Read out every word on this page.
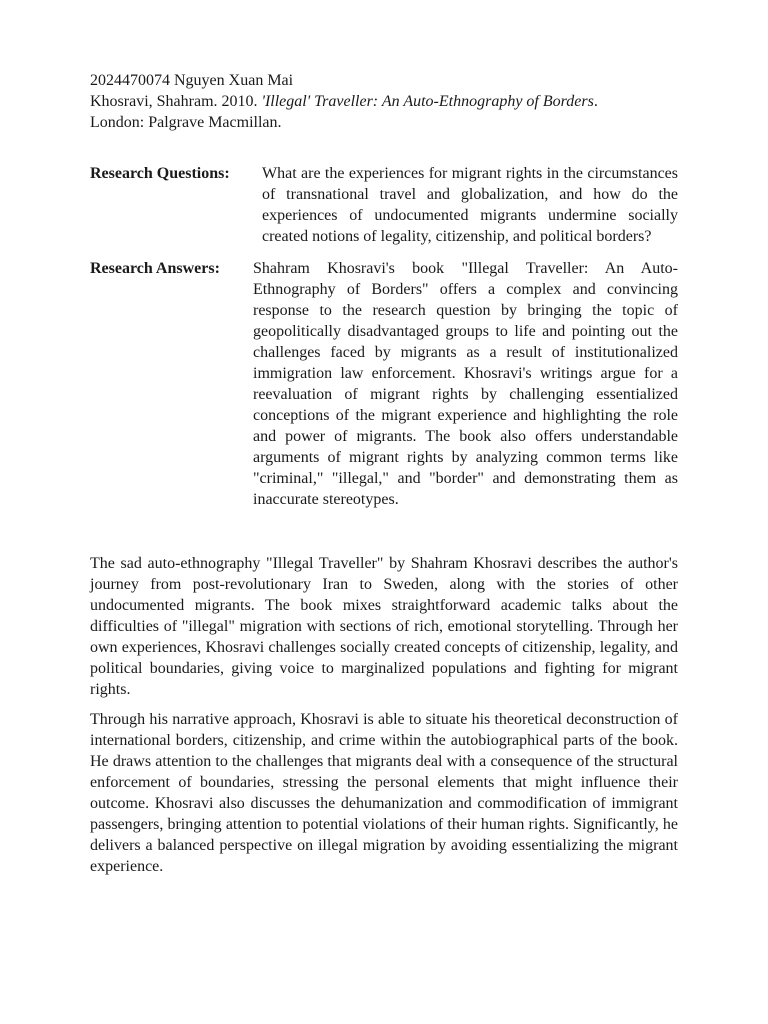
2024470074 Nguyen Xuan Mai

Khosravi, Shahram. 2010. 'Illegal' Traveller: An Auto-Ethnography of Borders.

London: Palgrave Macmillan.

Research Questions:	What are the experiences for migrant rights in the circumstances of transnational travel and globalization, and how do the experiences of undocumented migrants undermine socially created notions of legality, citizenship, and political borders?
Research Answers:	Shahram Khosravi's book "Illegal Traveller: An Auto-Ethnography of Borders" offers a complex and convincing response to the research question by bringing the topic of geopolitically disadvantaged groups to life and pointing out the challenges faced by migrants as a result of institutionalized immigration law enforcement. Khosravi's writings argue for a reevaluation of migrant rights by challenging essentialized conceptions of the migrant experience and highlighting the role and power of migrants. The book also offers understandable arguments of migrant rights by analyzing common terms like "criminal," "illegal," and "border" and demonstrating them as inaccurate stereotypes.

The sad auto-ethnography "Illegal Traveller" by Shahram Khosravi describes the author's journey from post-revolutionary Iran to Sweden, along with the stories of other undocumented migrants. The book mixes straightforward academic talks about the difficulties of "illegal" migration with sections of rich, emotional storytelling. Through her own experiences, Khosravi challenges socially created concepts of citizenship, legality, and political boundaries, giving voice to marginalized populations and fighting for migrant rights.

Through his narrative approach, Khosravi is able to situate his theoretical deconstruction of international borders, citizenship, and crime within the autobiographical parts of the book. He draws attention to the challenges that migrants deal with a consequence of the structural enforcement of boundaries, stressing the personal elements that might influence their outcome. Khosravi also discusses the dehumanization and commodification of immigrant passengers, bringing attention to potential violations of their human rights. Significantly, he delivers a balanced perspective on illegal migration by avoiding essentializing the migrant experience.
